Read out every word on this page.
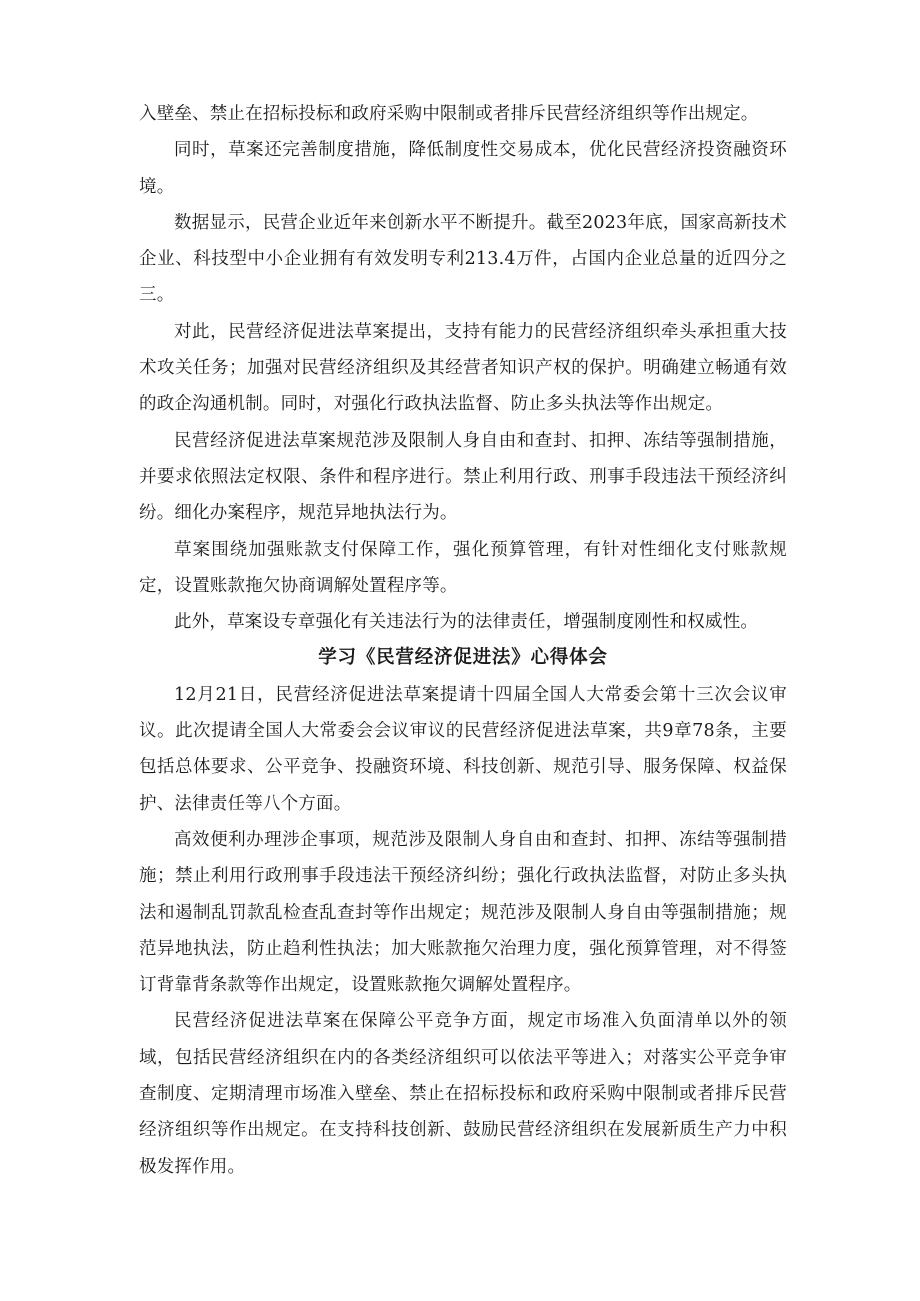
入壁垒、禁止在招标投标和政府采购中限制或者排斥民营经济组织等作出规定。

同时，草案还完善制度措施，降低制度性交易成本，优化民营经济投资融资环境。

数据显示，民营企业近年来创新水平不断提升。截至2023年底，国家高新技术企业、科技型中小企业拥有有效发明专利213.4万件，占国内企业总量的近四分之三。

对此，民营经济促进法草案提出，支持有能力的民营经济组织牵头承担重大技术攻关任务；加强对民营经济组织及其经营者知识产权的保护。明确建立畅通有效的政企沟通机制。同时，对强化行政执法监督、防止多头执法等作出规定。

民营经济促进法草案规范涉及限制人身自由和查封、扣押、冻结等强制措施，并要求依照法定权限、条件和程序进行。禁止利用行政、刑事手段违法干预经济纠纷。细化办案程序，规范异地执法行为。

草案围绕加强账款支付保障工作，强化预算管理，有针对性细化支付账款规定，设置账款拖欠协商调解处置程序等。

此外，草案设专章强化有关违法行为的法律责任，增强制度刚性和权威性。

学习《民营经济促进法》心得体会

12月21日，民营经济促进法草案提请十四届全国人大常委会第十三次会议审议。此次提请全国人大常委会会议审议的民营经济促进法草案，共9章78条，主要包括总体要求、公平竞争、投融资环境、科技创新、规范引导、服务保障、权益保护、法律责任等八个方面。

高效便利办理涉企事项，规范涉及限制人身自由和查封、扣押、冻结等强制措施；禁止利用行政刑事手段违法干预经济纠纷；强化行政执法监督，对防止多头执法和遏制乱罚款乱检查乱查封等作出规定；规范涉及限制人身自由等强制措施；规范异地执法，防止趋利性执法；加大账款拖欠治理力度，强化预算管理，对不得签订背靠背条款等作出规定，设置账款拖欠调解处置程序。

民营经济促进法草案在保障公平竞争方面，规定市场准入负面清单以外的领域，包括民营经济组织在内的各类经济组织可以依法平等进入；对落实公平竞争审查制度、定期清理市场准入壁垒、禁止在招标投标和政府采购中限制或者排斥民营经济组织等作出规定。在支持科技创新、鼓励民营经济组织在发展新质生产力中积极发挥作用。
